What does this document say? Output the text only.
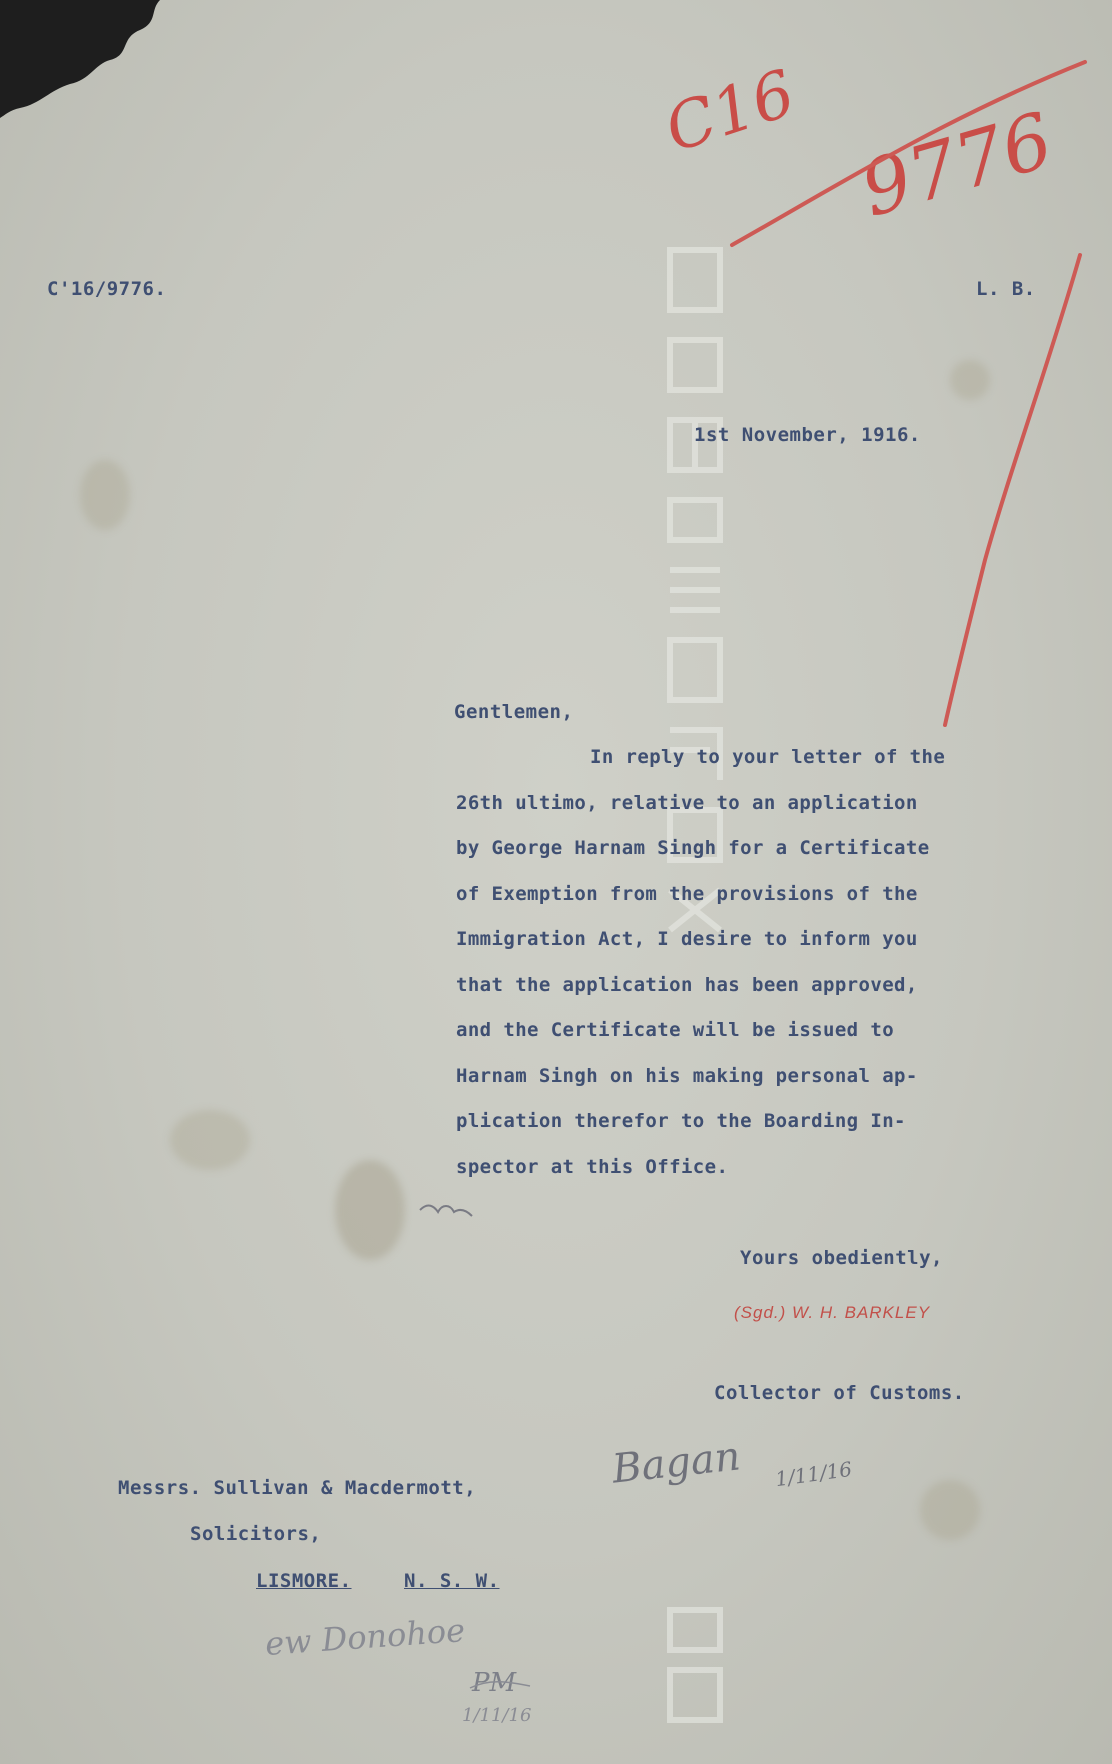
C'16/9776.	L. B.
1st November, 1916.
Gentlemen,
In reply to your letter of the
26th ultimo, relative to an application
by George Harnam Singh for a Certificate
of Exemption from the provisions of the
Immigration Act, I desire to inform you
that the application has been approved,
and the Certificate will be issued to
Harnam Singh on his making personal ap-
plication therefor to the Boarding In-
spector at this Office.
Yours obediently,
(Sgd.) W. H. BARKLEY
Collector of Customs.
Messrs. Sullivan & Macdermott,
Solicitors,
LISMORE.	N. S. W.
C16 9776
Bagan 1/11/16
ew Donohoe
PM
1/11/16
